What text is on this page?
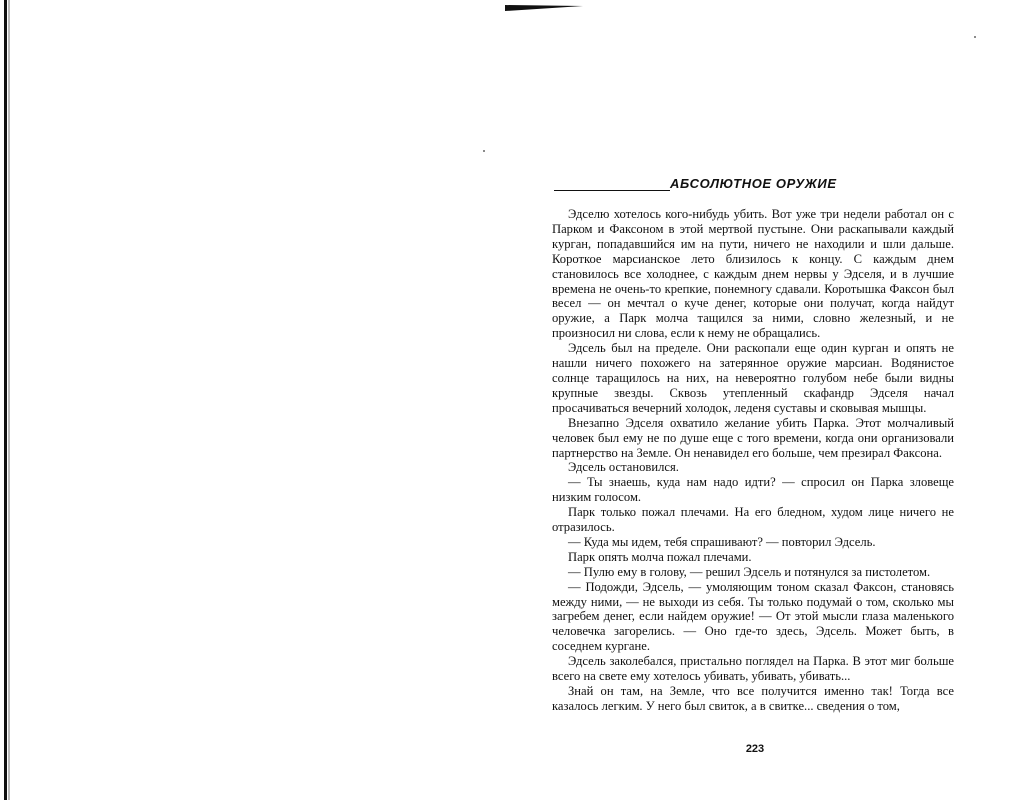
АБСОЛЮТНОЕ ОРУЖИЕ

Эдселю хотелось кого-нибудь убить. Вот уже три недели работал он с Парком и Факсоном в этой мертвой пустыне. Они раскапывали каждый курган, попадавшийся им на пути, ничего не находили и шли дальше. Короткое марсианское лето близилось к концу. С каждым днем становилось все холоднее, с каждым днем нервы у Эдселя, и в лучшие времена не очень-то крепкие, понемногу сдавали. Коротышка Факсон был весел — он мечтал о куче денег, которые они получат, когда найдут оружие, а Парк молча тащился за ними, словно железный, и не произносил ни слова, если к нему не обращались.

Эдсель был на пределе. Они раскопали еще один курган и опять не нашли ничего похожего на затерянное оружие марсиан. Водянистое солнце таращилось на них, на невероятно голубом небе были видны крупные звезды. Сквозь утепленный скафандр Эдселя начал просачиваться вечерний холодок, леденя суставы и сковывая мышцы.

Внезапно Эдселя охватило желание убить Парка. Этот молчаливый человек был ему не по душе еще с того времени, когда они организовали партнерство на Земле. Он ненавидел его больше, чем презирал Факсона.

Эдсель остановился.

— Ты знаешь, куда нам надо идти? — спросил он Парка зловеще низким голосом.

Парк только пожал плечами. На его бледном, худом лице ничего не отразилось.

— Куда мы идем, тебя спрашивают? — повторил Эдсель.

Парк опять молча пожал плечами.

— Пулю ему в голову, — решил Эдсель и потянулся за пистолетом.

— Подожди, Эдсель, — умоляющим тоном сказал Факсон, становясь между ними, — не выходи из себя. Ты только подумай о том, сколько мы загребем денег, если найдем оружие! — От этой мысли глаза маленького человечка загорелись. — Оно где-то здесь, Эдсель. Может быть, в соседнем кургане.

Эдсель заколебался, пристально поглядел на Парка. В этот миг больше всего на свете ему хотелось убивать, убивать, убивать...

Знай он там, на Земле, что все получится именно так! Тогда все казалось легким. У него был свиток, а в свитке... сведения о том,

223
